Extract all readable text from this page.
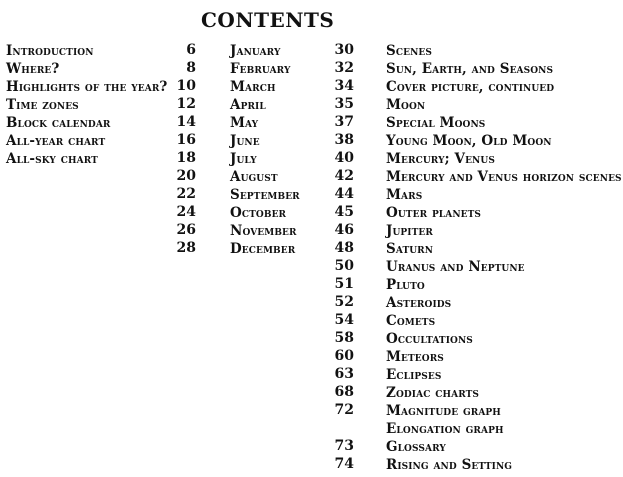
CONTENTS
Introduction
Where?
Highlights of the year?
Time zones
Block calendar
All-year chart
All-sky chart
6
8
10
12
14
16
18
20
22
24
26
28
January
February
March
April
May
June
July
August
September
October
November
December
30
32
34
35
37
38
40
42
44
45
46
48
50
51
52
54
58
60
63
68
72
73
74
Scenes
Sun, Earth, and Seasons
Cover picture, continued
Moon
Special Moons
Young Moon, Old Moon
Mercury; Venus
Mercury and Venus horizon scenes
Mars
Outer planets
Jupiter
Saturn
Uranus and Neptune
Pluto
Asteroids
Comets
Occultations
Meteors
Eclipses
Zodiac charts
Magnitude graph
Elongation graph
Glossary
Rising and Setting
